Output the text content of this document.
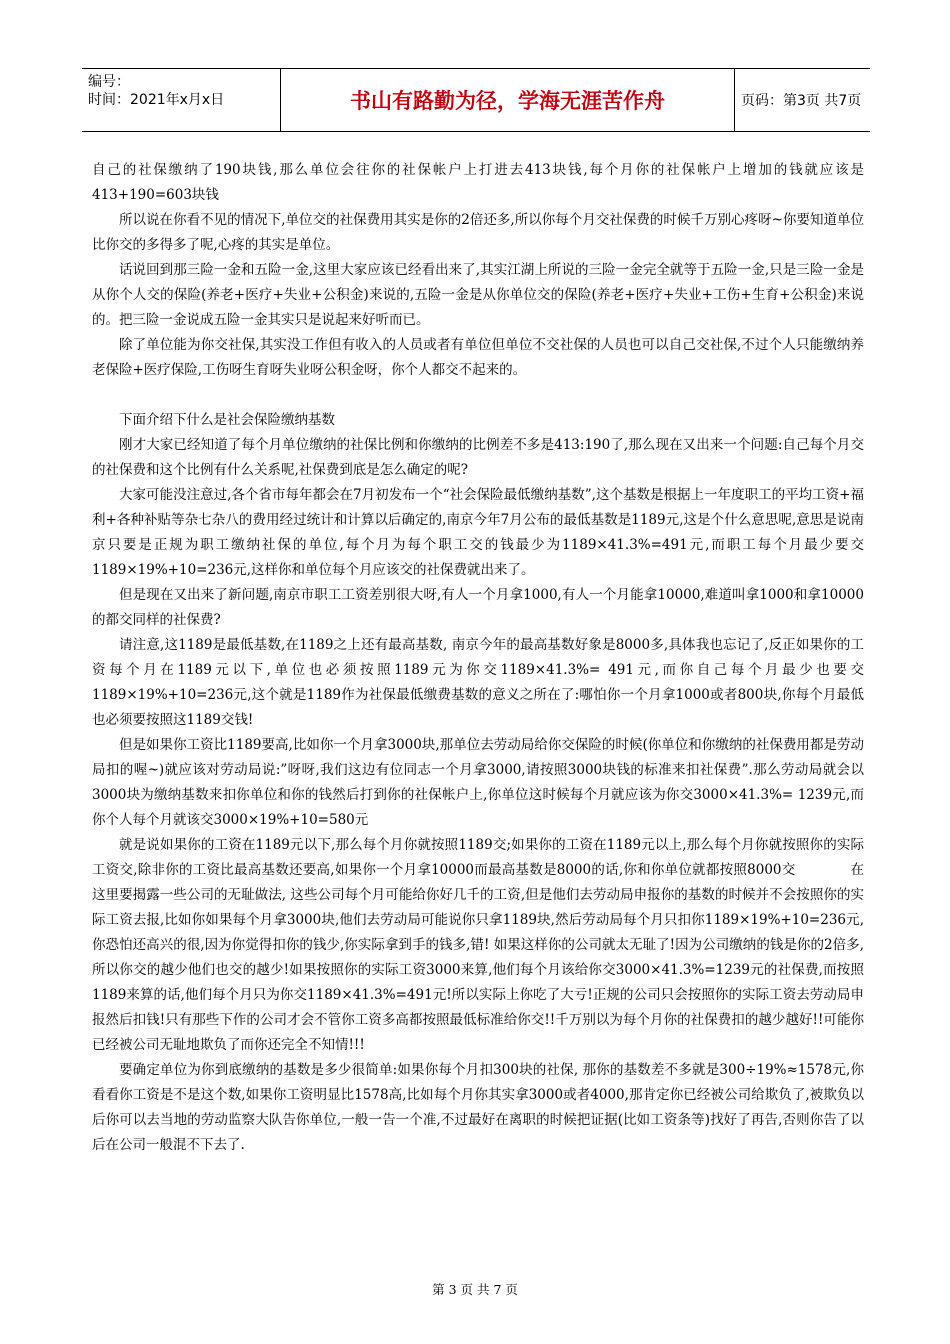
编号：
时间：2021年x月x日	书山有路勤为径，学海无涯苦作舟	页码：第3页 共7页

自己的社保缴纳了190块钱,那么单位会往你的社保帐户上打进去413块钱,每个月你的社保帐户上增加的钱就应该是413+190=603块钱

所以说在你看不见的情况下,单位交的社保费用其实是你的2倍还多,所以你每个月交社保费的时候千万别心疼呀~你要知道单位比你交的多得多了呢,心疼的其实是单位。

话说回到那三险一金和五险一金,这里大家应该已经看出来了,其实江湖上所说的三险一金完全就等于五险一金,只是三险一金是从你个人交的保险(养老+医疗+失业+公积金)来说的,五险一金是从你单位交的保险(养老+医疗+失业+工伤+生育+公积金)来说的。把三险一金说成五险一金其实只是说起来好听而已。

除了单位能为你交社保,其实没工作但有收入的人员或者有单位但单位不交社保的人员也可以自己交社保,不过个人只能缴纳养老保险+医疗保险,工伤呀生育呀失业呀公积金呀，你个人都交不起来的。

下面介绍下什么是社会保险缴纳基数

刚才大家已经知道了每个月单位缴纳的社保比例和你缴纳的比例差不多是413:190了,那么现在又出来一个问题:自己每个月交的社保费和这个比例有什么关系呢,社保费到底是怎么确定的呢?

大家可能没注意过,各个省市每年都会在7月初发布一个“社会保险最低缴纳基数”,这个基数是根据上一年度职工的平均工资+福利+各种补贴等杂七杂八的费用经过统计和计算以后确定的,南京今年7月公布的最低基数是1189元,这是个什么意思呢,意思是说南京只要是正规为职工缴纳社保的单位,每个月为每个职工交的钱最少为1189×41.3%=491元,而职工每个月最少要交1189×19%+10=236元,这样你和单位每个月应该交的社保费就出来了。

但是现在又出来了新问题,南京市职工工资差别很大呀,有人一个月拿1000,有人一个月能拿10000,难道叫拿1000和拿10000的都交同样的社保费?

请注意,这1189是最低基数,在1189之上还有最高基数, 南京今年的最高基数好象是8000多,具体我也忘记了,反正如果你的工资每个月在1189元以下,单位也必须按照1189元为你交1189×41.3%= 491元,而你自己每个月最少也要交1189×19%+10=236元,这个就是1189作为社保最低缴费基数的意义之所在了:哪怕你一个月拿1000或者800块,你每个月最低也必须要按照这1189交钱!

但是如果你工资比1189要高,比如你一个月拿3000块,那单位去劳动局给你交保险的时候(你单位和你缴纳的社保费用都是劳动局扣的喔~)就应该对劳动局说:”呀呀,我们这边有位同志一个月拿3000,请按照3000块钱的标准来扣社保费”.那么劳动局就会以3000块为缴纳基数来扣你单位和你的钱然后打到你的社保帐户上,你单位这时候每个月就应该为你交3000×41.3%= 1239元,而你个人每个月就该交3000×19%+10=580元

就是说如果你的工资在1189元以下,那么每个月你就按照1189交;如果你的工资在1189元以上,那么每个月你就按照你的实际工资交,除非你的工资比最高基数还要高,如果你一个月拿10000而最高基数是8000的话,你和你单位就都按照8000交　　　　在这里要揭露一些公司的无耻做法, 这些公司每个月可能给你好几千的工资,但是他们去劳动局申报你的基数的时候并不会按照你的实际工资去报,比如你如果每个月拿3000块,他们去劳动局可能说你只拿1189块,然后劳动局每个月只扣你1189×19%+10=236元,你恐怕还高兴的很,因为你觉得扣你的钱少,你实际拿到手的钱多,错! 如果这样你的公司就太无耻了!因为公司缴纳的钱是你的2倍多,所以你交的越少他们也交的越少!如果按照你的实际工资3000来算,他们每个月该给你交3000×41.3%=1239元的社保费,而按照1189来算的话,他们每个月只为你交1189×41.3%=491元!所以实际上你吃了大亏!正规的公司只会按照你的实际工资去劳动局申报然后扣钱!只有那些下作的公司才会不管你工资多高都按照最低标准给你交!!千万别以为每个月你的社保费扣的越少越好!!可能你已经被公司无耻地欺负了而你还完全不知情!!!

要确定单位为你到底缴纳的基数是多少很简单:如果你每个月扣300块的社保, 那你的基数差不多就是300÷19%≈1578元,你看看你工资是不是这个数,如果你工资明显比1578高,比如每个月你其实拿3000或者4000,那肯定你已经被公司给欺负了,被欺负以后你可以去当地的劳动监察大队告你单位,一般一告一个准,不过最好在离职的时候把证据(比如工资条等)找好了再告,否则你告了以后在公司一般混不下去了.

第 3 页 共 7 页
